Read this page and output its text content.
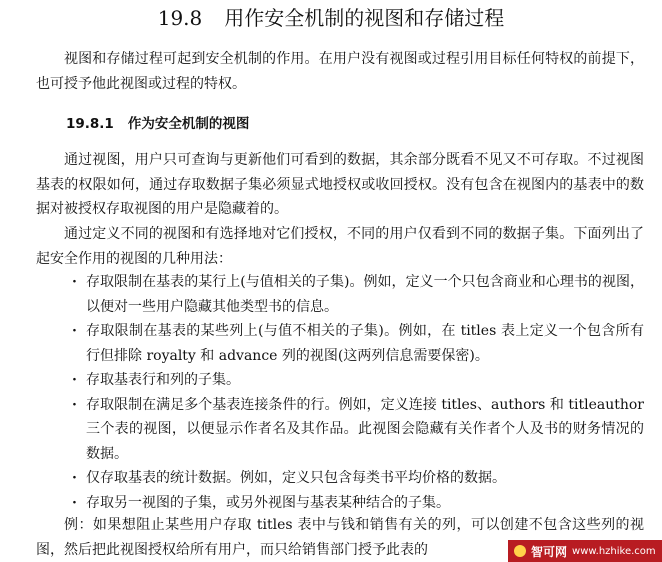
19.8 用作安全机制的视图和存储过程
视图和存储过程可起到安全机制的作用。在用户没有视图或过程引用目标任何特权的前提下，也可授予他此视图或过程的特权。
19.8.1 作为安全机制的视图
通过视图，用户只可查询与更新他们可看到的数据，其余部分既看不见又不可存取。不过视图基表的权限如何，通过存取数据子集必须显式地授权或收回授权。没有包含在视图内的基表中的数据对被授权存取视图的用户是隐藏着的。
通过定义不同的视图和有选择地对它们授权，不同的用户仅看到不同的数据子集。下面列出了起安全作用的视图的几种用法：
· 存取限制在基表的某行上(与值相关的子集)。例如，定义一个只包含商业和心理书的视图，以便对一些用户隐藏其他类型书的信息。
· 存取限制在基表的某些列上(与值不相关的子集)。例如，在 titles 表上定义一个包含所有行但排除 royalty 和 advance 列的视图(这两列信息需要保密)。
· 存取基表行和列的子集。
· 存取限制在满足多个基表连接条件的行。例如，定义连接 titles、authors 和 titleauthor 三个表的视图，以便显示作者名及其作品。此视图会隐藏有关作者个人及书的财务情况的数据。
· 仅存取基表的统计数据。例如，定义只包含每类书平均价格的数据。
· 存取另一视图的子集，或另外视图与基表某种结合的子集。
例：如果想阻止某些用户存取 titles 表中与钱和销售有关的列，可以创建不包含这些列的视图，然后把此视图授权给所有用户，而只给销售部门授予此表的	智可网 www.hzhike.com
